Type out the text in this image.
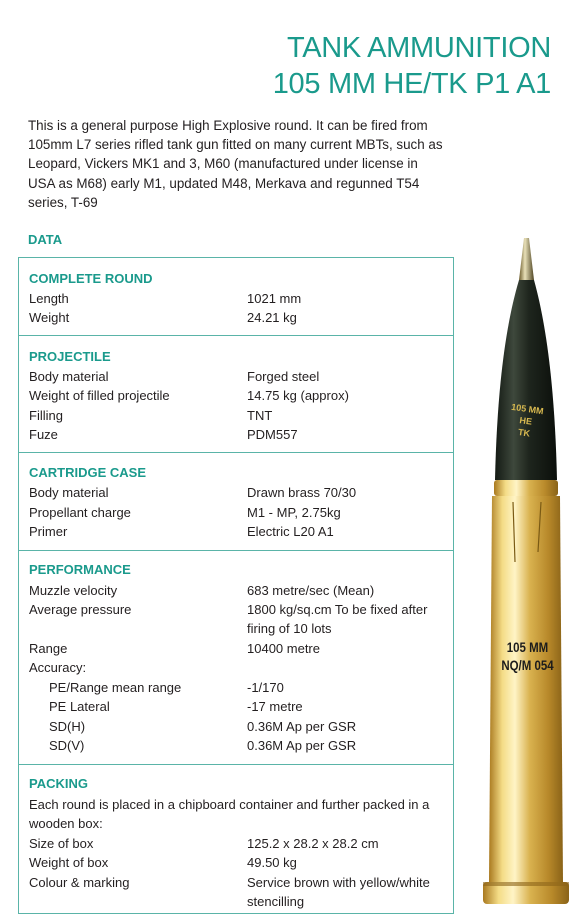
TANK AMMUNITION
105 MM HE/TK P1 A1
This is a general purpose High Explosive round. It can be fired from 105mm L7 series rifled tank gun fitted on many current MBTs, such as Leopard, Vickers MK1 and 3, M60 (manufactured under license in USA as M68) early M1, updated M48, Merkava and regunned T54 series, T-69
DATA
COMPLETE ROUND
Length	1021 mm
Weight	24.21 kg
PROJECTILE
Body material	Forged steel
Weight of filled projectile	14.75 kg (approx)
Filling	TNT
Fuze	PDM557
CARTRIDGE CASE
Body material	Drawn brass 70/30
Propellant charge	M1 - MP, 2.75kg
Primer	Electric L20 A1
PERFORMANCE
Muzzle velocity	683 metre/sec (Mean)
Average pressure	1800 kg/sq.cm To be fixed after firing of 10 lots
Range	10400 metre
Accuracy:
PE/Range mean range	-1/170
PE Lateral	-17 metre
SD(H)	0.36M Ap per GSR
SD(V)	0.36M Ap per GSR
PACKING
Each round is placed in a chipboard container and further packed in a wooden box:
Size of box	125.2 x 28.2 x 28.2 cm
Weight of box	49.50 kg
Colour & marking	Service brown with yellow/white stencilling
105 MM
HE
TK
105 MM
NQ/M 054
